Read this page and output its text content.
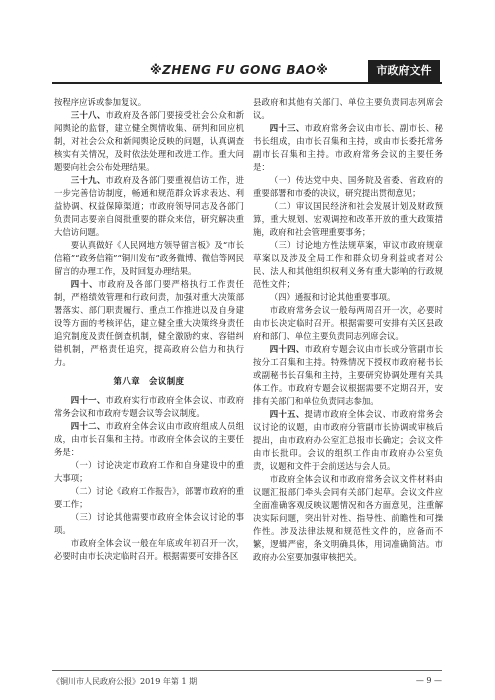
※ZHENG FU GONG BAO※	市政府文件

按程序应诉或参加复议。

三十八、市政府及各部门要接受社会公众和新闻舆论的监督，建立健全舆情收集、研判和回应机制，对社会公众和新闻舆论反映的问题，认真调查核实有关情况，及时依法处理和改进工作。重大问题要向社会公布处理结果。

三十九、市政府及各部门要重视信访工作，进一步完善信访制度，畅通和规范群众诉求表达、利益协调、权益保障渠道；市政府领导同志及各部门负责同志要亲自阅批重要的群众来信，研究解决重大信访问题。

要认真做好《人民网地方领导留言板》及“市长信箱”“政务信箱”“铜川发布”政务微博、微信等网民留言的办理工作，及时回复办理结果。

四十、市政府及各部门要严格执行工作责任制，严格绩效管理和行政问责，加强对重大决策部署落实、部门职责履行、重点工作推进以及自身建设等方面的考核评估，建立健全重大决策终身责任追究制度及责任倒查机制，健全激励约束、容错纠错机制，严格责任追究，提高政府公信力和执行力。

第八章　会议制度

四十一、市政府实行市政府全体会议、市政府常务会议和市政府专题会议等会议制度。

四十二、市政府全体会议由市政府组成人员组成，由市长召集和主持。市政府全体会议的主要任务是：

（一）讨论决定市政府工作和自身建设中的重大事项；

（二）讨论《政府工作报告》，部署市政府的重要工作；

（三）讨论其他需要市政府全体会议讨论的事项。

市政府全体会议一般在年底或年初召开一次，必要时由市长决定临时召开。根据需要可安排各区

县政府和其他有关部门、单位主要负责同志列席会议。

四十三、市政府常务会议由市长、副市长、秘书长组成，由市长召集和主持，或由市长委托常务副市长召集和主持。市政府常务会议的主要任务是：

（一）传达党中央、国务院及省委、省政府的重要部署和市委的决议，研究提出贯彻意见；

（二）审议国民经济和社会发展计划及财政预算，重大规划、宏观调控和改革开放的重大政策措施，政府和社会管理重要事务；

（三）讨论地方性法规草案，审议市政府规章草案以及涉及全局工作和群众切身利益或者对公民、法人和其他组织权利义务有重大影响的行政规范性文件；

（四）通报和讨论其他重要事项。

市政府常务会议一般每两周召开一次，必要时由市长决定临时召开。根据需要可安排有关区县政府和部门、单位主要负责同志列席会议。

四十四、市政府专题会议由市长或分管副市长按分工召集和主持。特殊情况下授权市政府秘书长或副秘书长召集和主持，主要研究协调处理有关具体工作。市政府专题会议根据需要不定期召开，安排有关部门和单位负责同志参加。

四十五、提请市政府全体会议、市政府常务会议讨论的议题，由市政府分管副市长协调或审核后提出，由市政府办公室汇总报市长确定；会议文件由市长批印。会议的组织工作由市政府办公室负责，议题和文件于会前送达与会人员。

市政府全体会议和市政府常务会议文件材料由议题汇报部门牵头会同有关部门起草。会议文件应全面准确客观反映议题情况和各方面意见，注重解决实际问题，突出针对性、指导性、前瞻性和可操作性。涉及法律法规和规范性文件的，应备而不繁，逻辑严密，条文明确具体，用词准确简洁。市政府办公室要加强审核把关。

《铜川市人民政府公报》2019 年第 1 期	— 9 —
